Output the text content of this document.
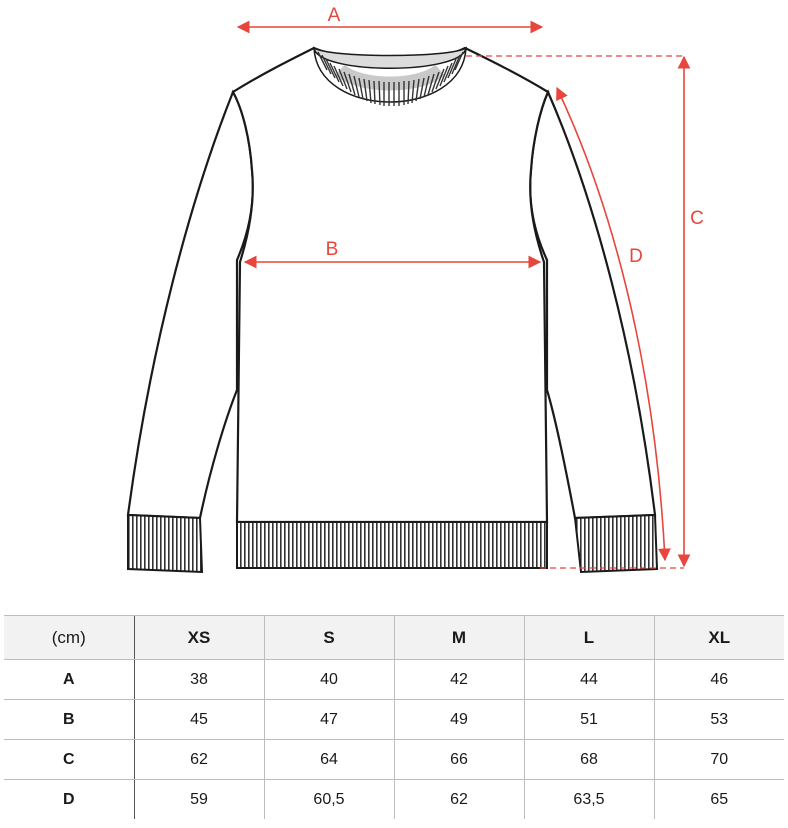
A
B
C
D
(cm)	XS	S	M	L	XL
A	38	40	42	44	46
B	45	47	49	51	53
C	62	64	66	68	70
D	59	60,5	62	63,5	65
